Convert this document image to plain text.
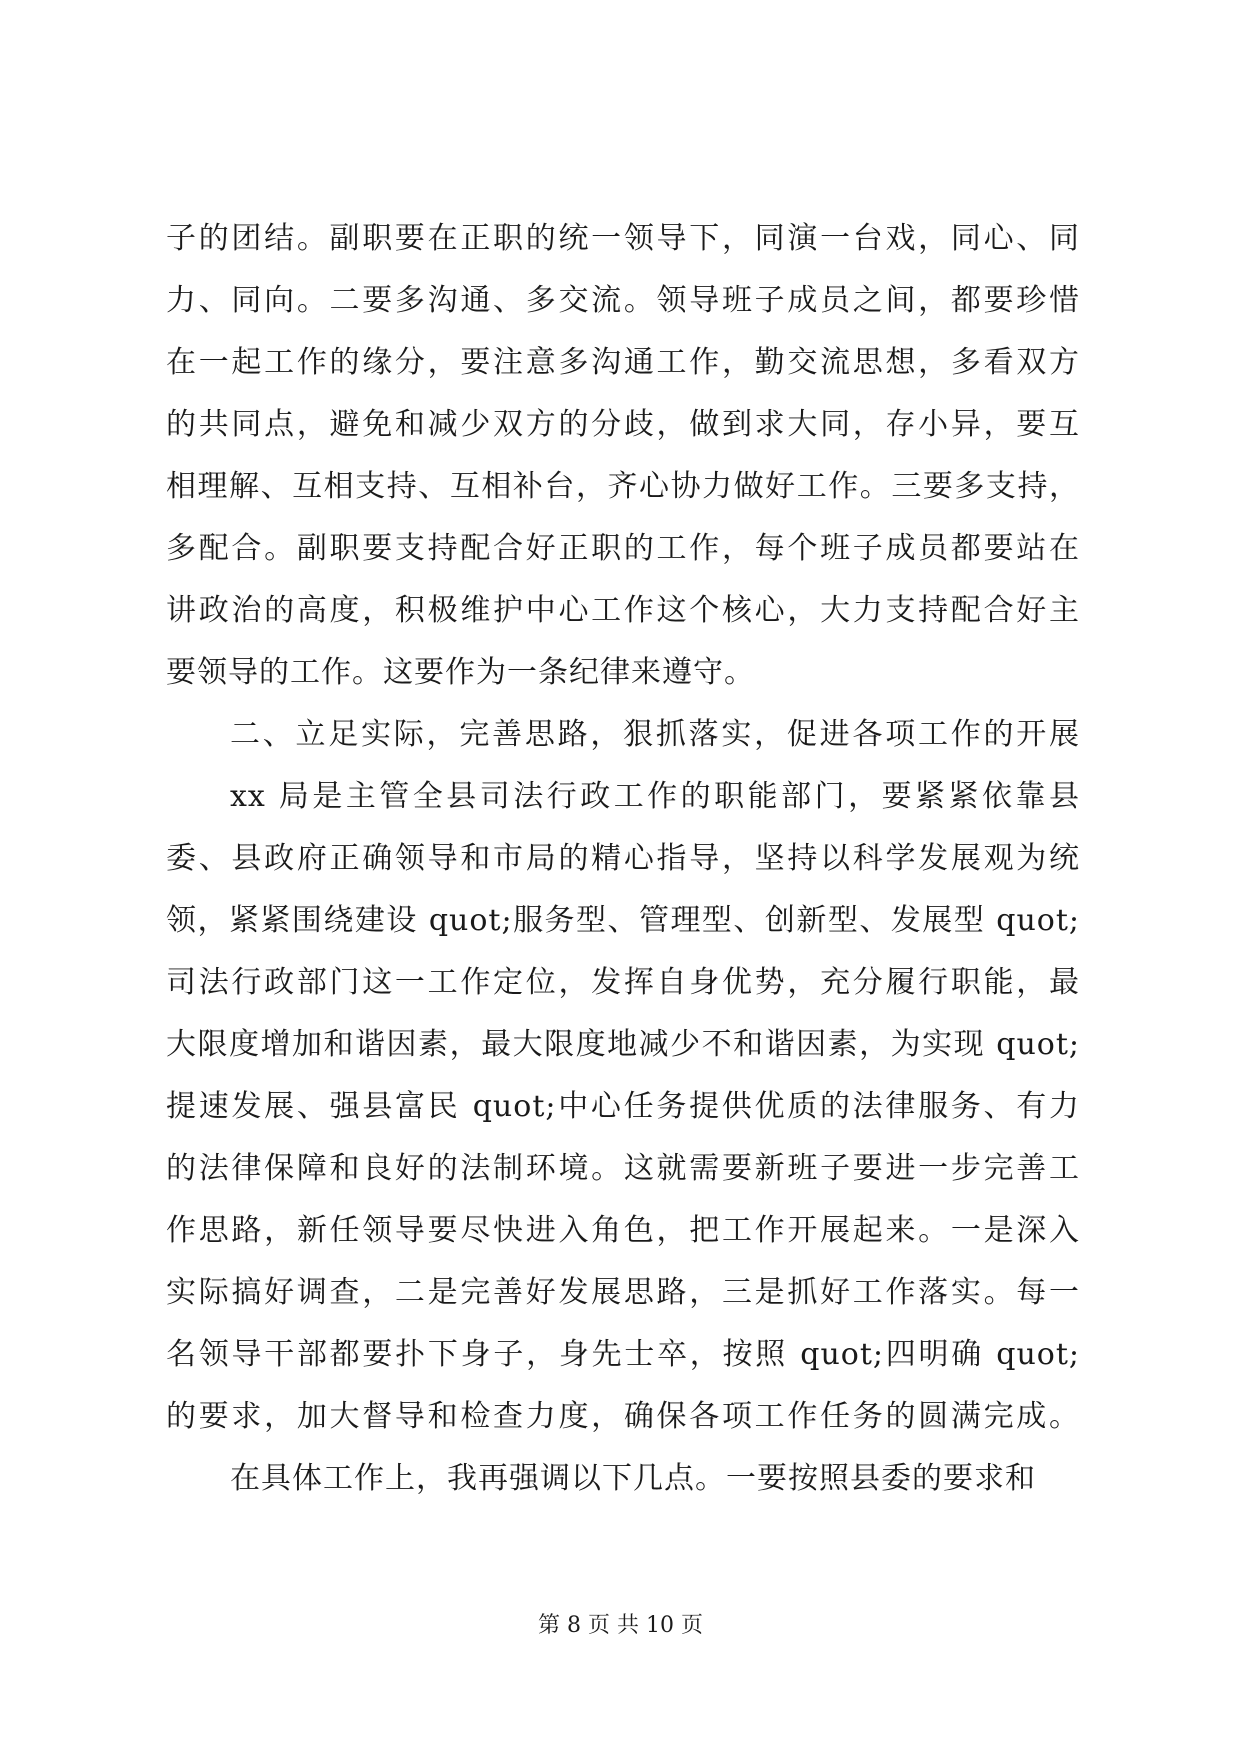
子的团结。副职要在正职的统一领导下，同演一台戏，同心、同
力、同向。二要多沟通、多交流。领导班子成员之间，都要珍惜
在一起工作的缘分，要注意多沟通工作，勤交流思想，多看双方
的共同点，避免和减少双方的分歧，做到求大同，存小异，要互
相理解、互相支持、互相补台，齐心协力做好工作。三要多支持，
多配合。副职要支持配合好正职的工作，每个班子成员都要站在
讲政治的高度，积极维护中心工作这个核心，大力支持配合好主
要领导的工作。这要作为一条纪律来遵守。
二、立足实际，完善思路，狠抓落实，促进各项工作的开展
xx 局是主管全县司法行政工作的职能部门，要紧紧依靠县
委、县政府正确领导和市局的精心指导，坚持以科学发展观为统
领，紧紧围绕建设 quot;服务型、管理型、创新型、发展型 quot;
司法行政部门这一工作定位，发挥自身优势，充分履行职能，最
大限度增加和谐因素，最大限度地减少不和谐因素，为实现 quot;
提速发展、强县富民 quot;中心任务提供优质的法律服务、有力
的法律保障和良好的法制环境。这就需要新班子要进一步完善工
作思路，新任领导要尽快进入角色，把工作开展起来。一是深入
实际搞好调查，二是完善好发展思路，三是抓好工作落实。每一
名领导干部都要扑下身子，身先士卒，按照 quot;四明确 quot;
的要求，加大督导和检查力度，确保各项工作任务的圆满完成。
在具体工作上，我再强调以下几点。一要按照县委的要求和
第 8 页 共 10 页
